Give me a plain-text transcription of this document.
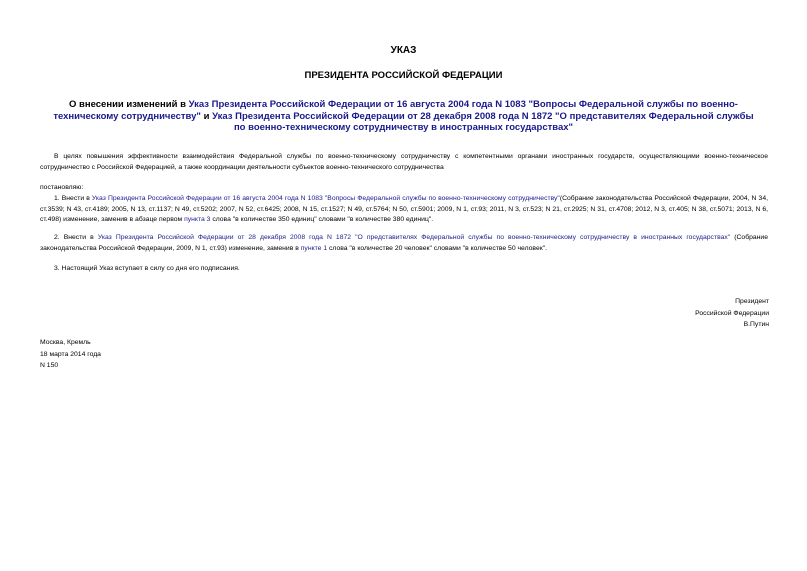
УКАЗ
ПРЕЗИДЕНТА РОССИЙСКОЙ ФЕДЕРАЦИИ
О внесении изменений в Указ Президента Российской Федерации от 16 августа 2004 года N 1083 "Вопросы Федеральной службы по военно-техническому сотрудничеству" и Указ Президента Российской Федерации от 28 декабря 2008 года N 1872 "О представителях Федеральной службы по военно-техническому сотрудничеству в иностранных государствах"
В целях повышения эффективности взаимодействия Федеральной службы по военно-техническому сотрудничеству с компетентными органами иностранных государств, осуществляющими военно-техническое сотрудничество с Российской Федерацией, а также координации деятельности субъектов военно-технического сотрудничества
постановляю:
1. Внести в Указ Президента Российской Федерации от 16 августа 2004 года N 1083 "Вопросы Федеральной службы по военно-техническому сотрудничеству"(Собрание законодательства Российской Федерации, 2004, N 34, ст.3539; N 43, ст.4189; 2005, N 13, ст.1137; N 49, ст.5202; 2007, N 52, ст.6425; 2008, N 15, ст.1527; N 49, ст.5764; N 50, ст.5901; 2009, N 1, ст.93; 2011, N 3, ст.523; N 21, ст.2925; N 31, ст.4708; 2012, N 3, ст.405; N 38, ст.5071; 2013, N 6, ст.498) изменение, заменив в абзаце первом пункта 3 слова "в количестве 350 единиц" словами "в количестве 380 единиц".
2. Внести в Указ Президента Российской Федерации от 28 декабря 2008 года N 1872 "О представителях Федеральной службы по военно-техническому сотрудничеству в иностранных государствах" (Собрание законодательства Российской Федерации, 2009, N 1, ст.93) изменение, заменив в пункте 1 слова "в количестве 20 человек" словами "в количестве 50 человек".
3. Настоящий Указ вступает в силу со дня его подписания.
Президент
Российской Федерации
В.Путин
Москва, Кремль
18 марта 2014 года
N 150
